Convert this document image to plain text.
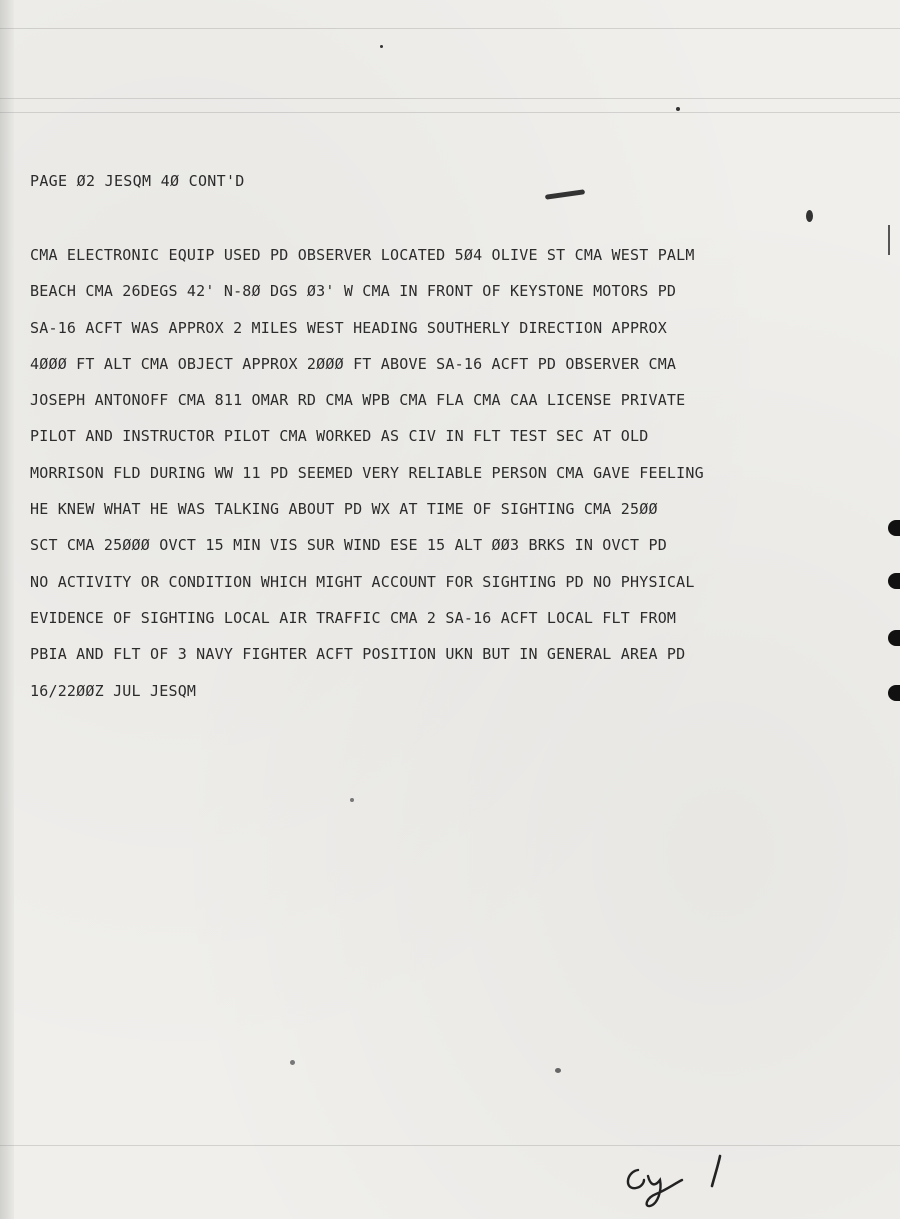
PAGE Ø2 JESQM 4Ø CONT'D
CMA ELECTRONIC EQUIP USED PD OBSERVER LOCATED 5Ø4 OLIVE ST CMA WEST PALM
BEACH CMA 26DEGS 42' N-8Ø DGS Ø3' W CMA IN FRONT OF KEYSTONE MOTORS PD
SA-16 ACFT WAS APPROX 2 MILES WEST HEADING SOUTHERLY DIRECTION APPROX
4ØØØ FT ALT CMA OBJECT APPROX 2ØØØ FT ABOVE SA-16 ACFT PD OBSERVER CMA
JOSEPH ANTONOFF CMA 811 OMAR RD CMA WPB CMA FLA CMA CAA LICENSE PRIVATE
PILOT AND INSTRUCTOR PILOT CMA WORKED AS CIV IN FLT TEST SEC AT OLD
MORRISON FLD DURING WW 11 PD SEEMED VERY RELIABLE PERSON CMA GAVE FEELING
HE KNEW WHAT HE WAS TALKING ABOUT PD WX AT TIME OF SIGHTING CMA 25ØØ
SCT CMA 25ØØØ OVCT 15 MIN VIS SUR WIND ESE 15 ALT ØØ3 BRKS IN OVCT PD
NO ACTIVITY OR CONDITION WHICH MIGHT ACCOUNT FOR SIGHTING PD NO PHYSICAL
EVIDENCE OF SIGHTING LOCAL AIR TRAFFIC CMA 2 SA-16 ACFT LOCAL FLT FROM
PBIA AND FLT OF 3 NAVY FIGHTER ACFT POSITION UKN BUT IN GENERAL AREA PD
16/22ØØZ JUL JESQM
